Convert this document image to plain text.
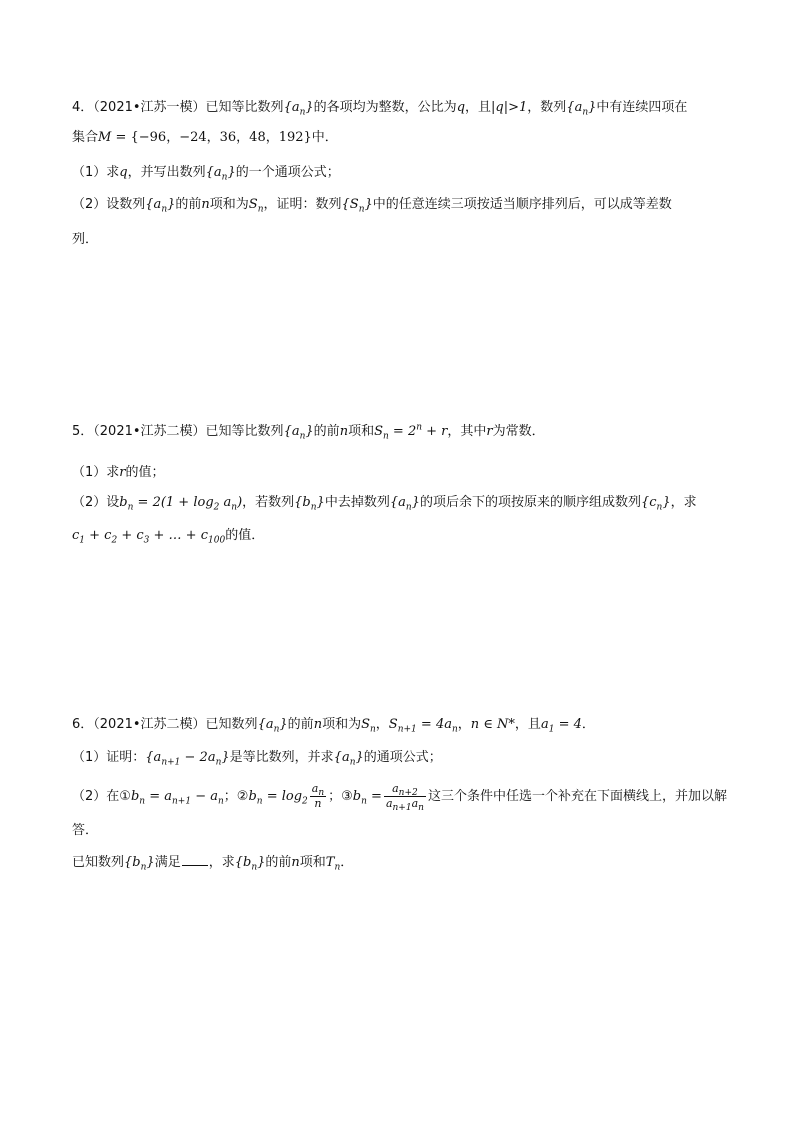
4．（2021•江苏一模）已知等比数列$\{a_n\}$的各项均为整数，公比为q，且|q|>1，数列$\{a_n\}$中有连续四项在
集合M = {−96，−24，36，48，192}中．
（1）求q，并写出数列$\{a_n\}$的一个通项公式；
（2）设数列$\{a_n\}$的前n项和为$S_n$，证明：数列$\{S_n\}$中的任意连续三项按适当顺序排列后，可以成等差数
列．
5．（2021•江苏二模）已知等比数列$\{a_n\}$的前n项和$S_n = 2^n + r$，其中r为常数．
（1）求r的值；
（2）设$b_n = 2(1 + \log_2 a_n)$，若数列$\{b_n\}$中去掉数列$\{a_n\}$的项后余下的项按原来的顺序组成数列$\{c_n\}$，求
$c_1 + c_2 + c_3$ + … + $c_{100}$的值．
6．（2021•江苏二模）已知数列$\{a_n\}$的前n项和为$S_n$，$S_{n+1} = 4a_n$，n ∈ N*，且$a_1 = 4$．
（1）证明：$\{a_{n+1} - 2a_n\}$是等比数列，并求$\{a_n\}$的通项公式；
（2）在$①b_n = a_{n+1} - a_n$；$②b_n = \log_2 \frac{a_n}{n}$ ；$③b_n = \frac{a_{n+2}}{a_{n+1}a_n}$ 这三个条件中任选一个补充在下面横线上，并加以解
答．
已知数列$\{b_n\}$满足 ，求$\{b_n\}$的前n项和$T_n$．
